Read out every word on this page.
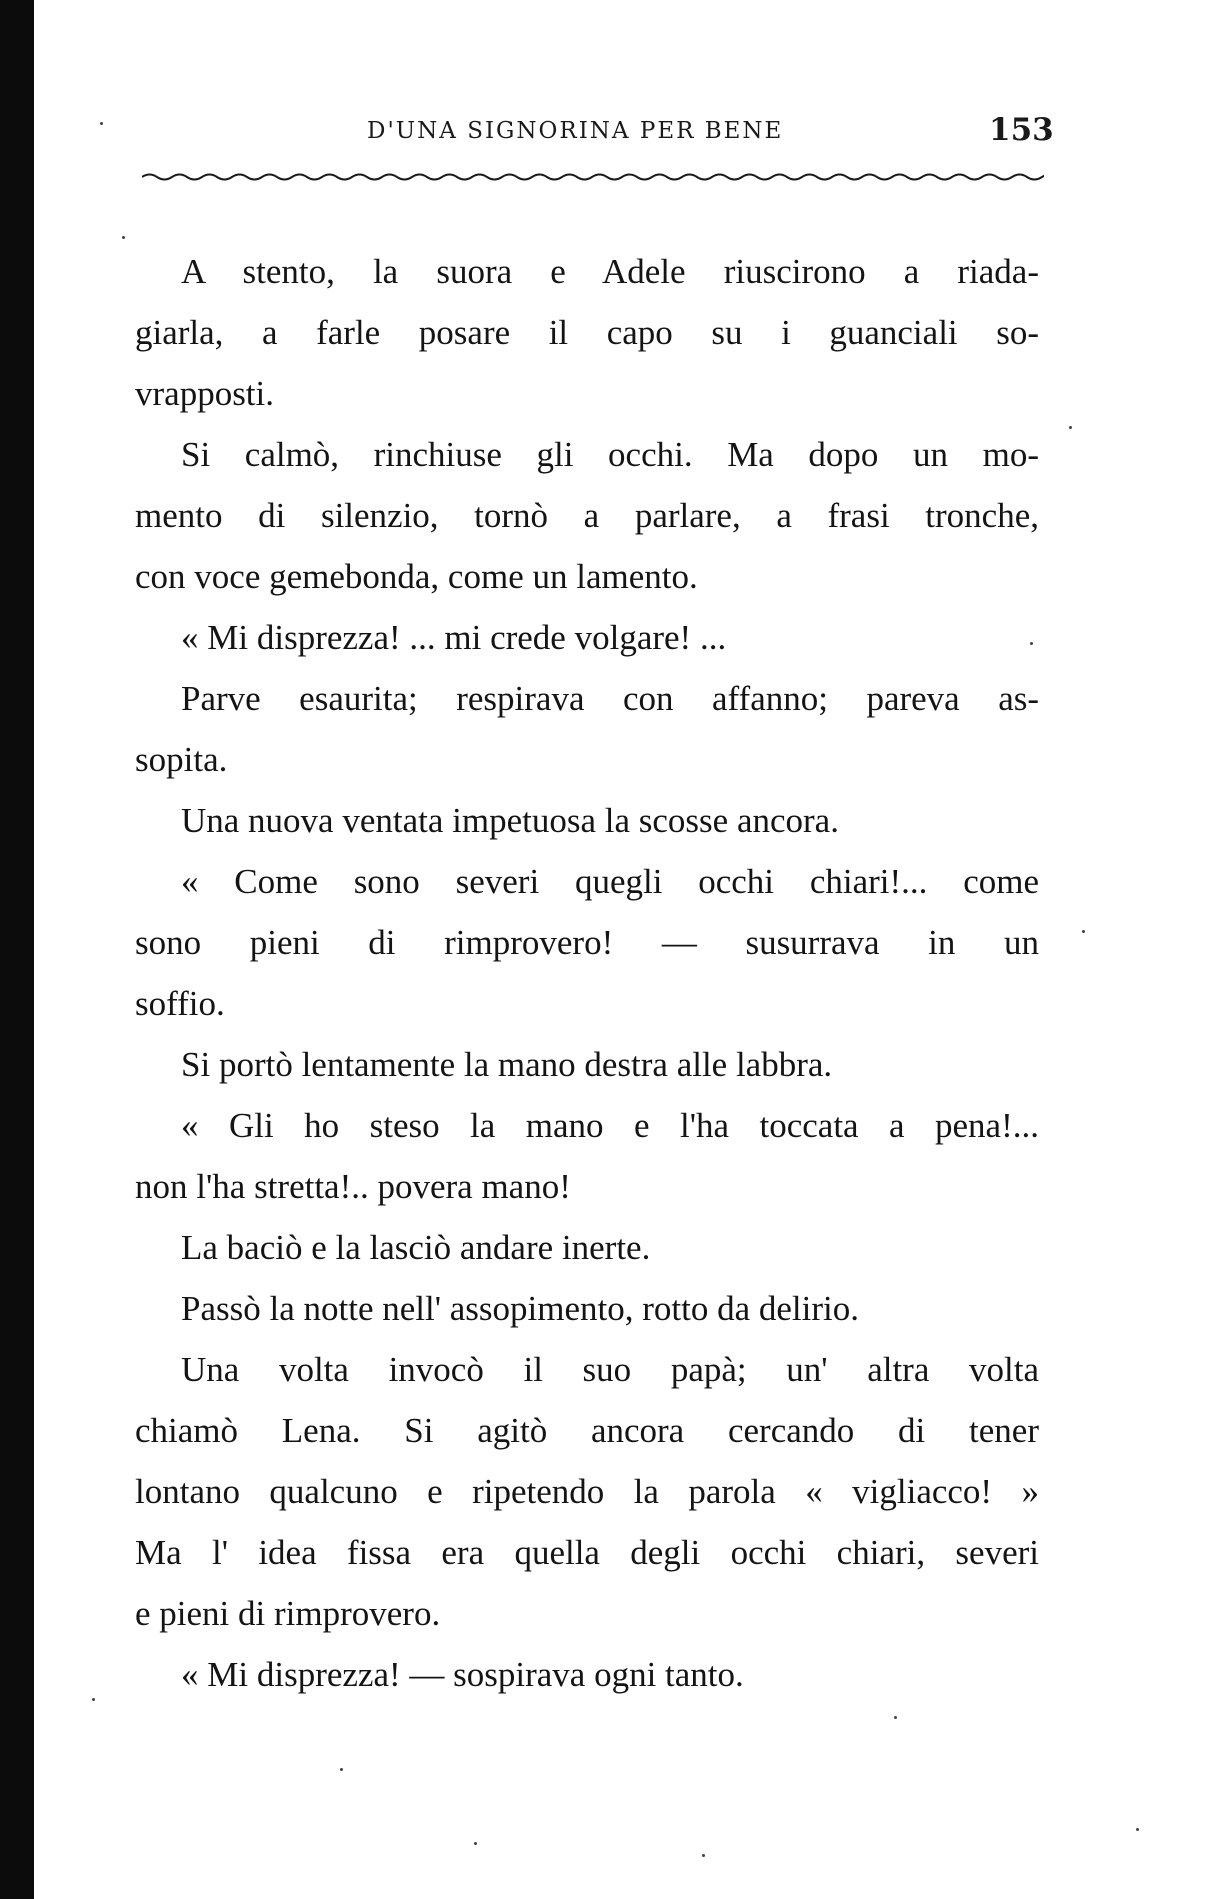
D'UNA SIGNORINA PER BENE	153

A stento, la suora e Adele riuscirono a riada-
giarla, a farle posare il capo su i guanciali so-
vrapposti.

Si calmò, rinchiuse gli occhi. Ma dopo un mo-
mento di silenzio, tornò a parlare, a frasi tronche,
con voce gemebonda, come un lamento.

« Mi disprezza! ... mi crede volgare! ...

Parve esaurita; respirava con affanno; pareva as-
sopita.

Una nuova ventata impetuosa la scosse ancora.

« Come sono severi quegli occhi chiari!... come
sono pieni di rimprovero! — susurrava in un
soffio.

Si portò lentamente la mano destra alle labbra.

« Gli ho steso la mano e l'ha toccata a pena!...
non l'ha stretta!.. povera mano!

La baciò e la lasciò andare inerte.

Passò la notte nell' assopimento, rotto da delirio.

Una volta invocò il suo papà; un' altra volta
chiamò Lena. Si agitò ancora cercando di tener
lontano qualcuno e ripetendo la parola « vigliacco! »
Ma l' idea fissa era quella degli occhi chiari, severi
e pieni di rimprovero.

« Mi disprezza! — sospirava ogni tanto.
